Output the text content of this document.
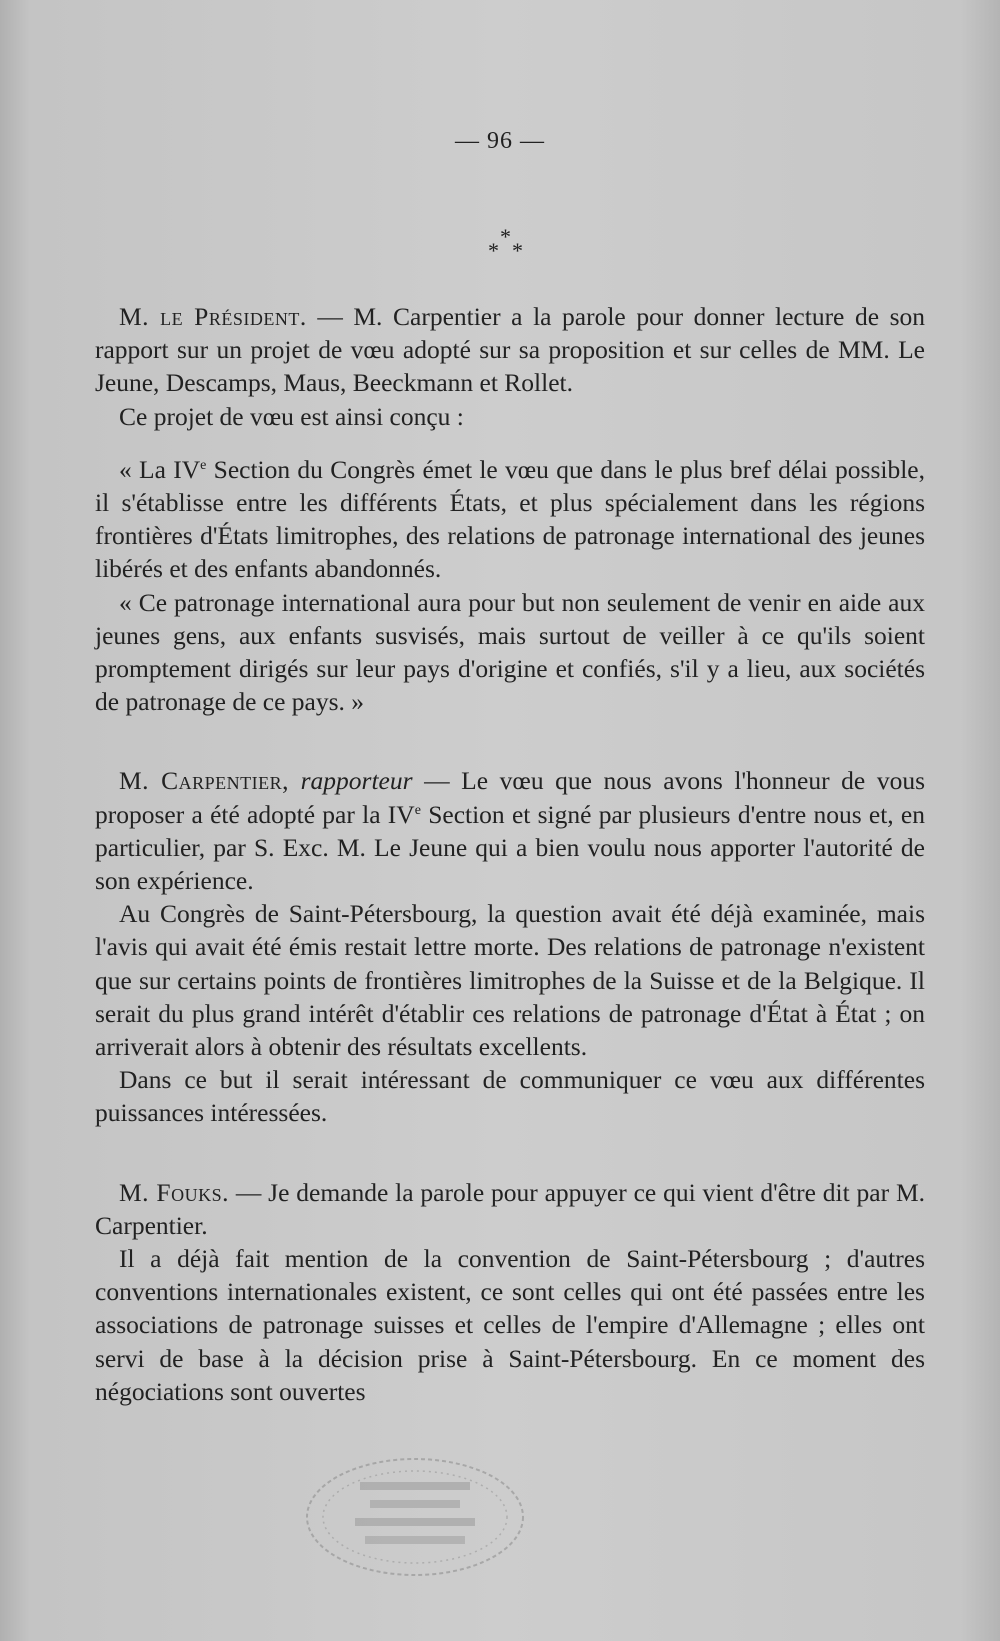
— 96 —
*
* *

M. le Président. — M. Carpentier a la parole pour donner lecture de son rapport sur un projet de vœu adopté sur sa proposition et sur celles de MM. Le Jeune, Descamps, Maus, Beeckmann et Rollet.

Ce projet de vœu est ainsi conçu :

« La IVe Section du Congrès émet le vœu que dans le plus bref délai possible, il s'établisse entre les différents États, et plus spécialement dans les régions frontières d'États limitrophes, des relations de patronage international des jeunes libérés et des enfants abandonnés.

« Ce patronage international aura pour but non seulement de venir en aide aux jeunes gens, aux enfants susvisés, mais surtout de veiller à ce qu'ils soient promptement dirigés sur leur pays d'origine et confiés, s'il y a lieu, aux sociétés de patronage de ce pays. »

M. Carpentier, rapporteur — Le vœu que nous avons l'honneur de vous proposer a été adopté par la IVe Section et signé par plusieurs d'entre nous et, en particulier, par S. Exc. M. Le Jeune qui a bien voulu nous apporter l'autorité de son expérience.

Au Congrès de Saint-Pétersbourg, la question avait été déjà examinée, mais l'avis qui avait été émis restait lettre morte. Des relations de patronage n'existent que sur certains points de frontières limitrophes de la Suisse et de la Belgique. Il serait du plus grand intérêt d'établir ces relations de patronage d'État à État ; on arriverait alors à obtenir des résultats excellents.

Dans ce but il serait intéressant de communiquer ce vœu aux différentes puissances intéressées.

M. Fouks. — Je demande la parole pour appuyer ce qui vient d'être dit par M. Carpentier.

Il a déjà fait mention de la convention de Saint-Pétersbourg ; d'autres conventions internationales existent, ce sont celles qui ont été passées entre les associations de patronage suisses et celles de l'empire d'Allemagne ; elles ont servi de base à la décision prise à Saint-Pétersbourg. En ce moment des négociations sont ouvertes
